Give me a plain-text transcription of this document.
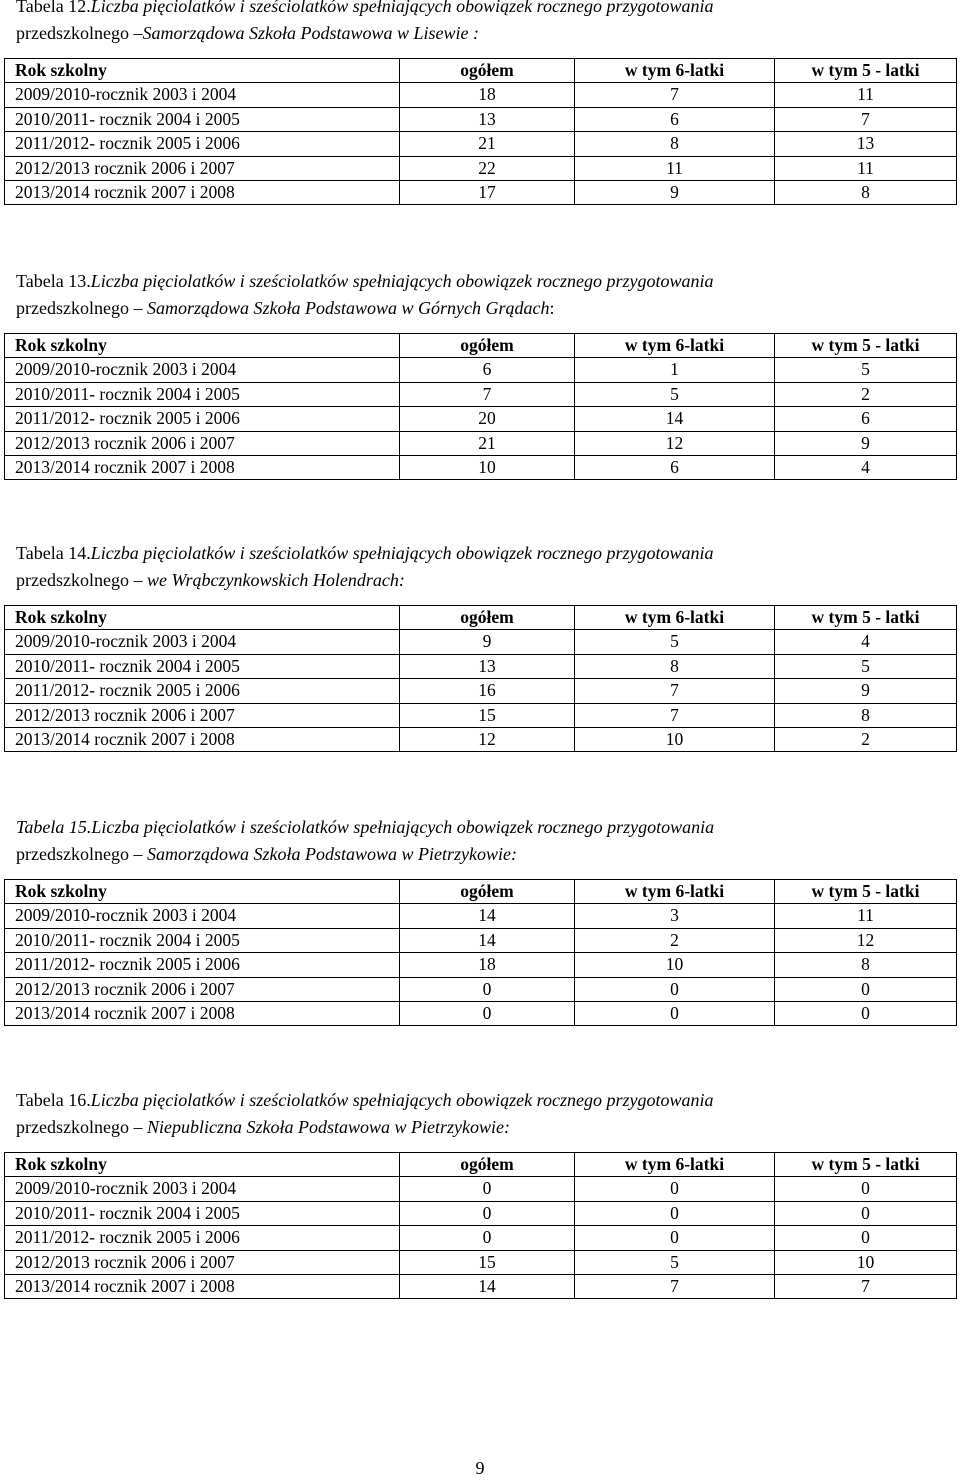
Tabela 12.Liczba pięciolatków i sześciolatków spełniających obowiązek rocznego przygotowania
przedszkolnego –Samorządowa Szkoła Podstawowa w Lisewie :

Rok szkolny	ogółem	w tym 6-latki	w tym 5 - latki
2009/2010-rocznik 2003 i 2004	18	7	11
2010/2011- rocznik 2004 i 2005	13	6	7
2011/2012- rocznik 2005 i 2006	21	8	13
2012/2013 rocznik 2006 i 2007	22	11	11
2013/2014 rocznik 2007 i 2008	17	9	8

Tabela 13.Liczba pięciolatków i sześciolatków spełniających obowiązek rocznego przygotowania
przedszkolnego – Samorządowa Szkoła Podstawowa w Górnych Grądach:

Rok szkolny	ogółem	w tym 6-latki	w tym 5 - latki
2009/2010-rocznik 2003 i 2004	6	1	5
2010/2011- rocznik 2004 i 2005	7	5	2
2011/2012- rocznik 2005 i 2006	20	14	6
2012/2013 rocznik 2006 i 2007	21	12	9
2013/2014 rocznik 2007 i 2008	10	6	4

Tabela 14.Liczba pięciolatków i sześciolatków spełniających obowiązek rocznego przygotowania
przedszkolnego – we Wrąbczynkowskich Holendrach:

Rok szkolny	ogółem	w tym 6-latki	w tym 5 - latki
2009/2010-rocznik 2003 i 2004	9	5	4
2010/2011- rocznik 2004 i 2005	13	8	5
2011/2012- rocznik 2005 i 2006	16	7	9
2012/2013 rocznik 2006 i 2007	15	7	8
2013/2014 rocznik 2007 i 2008	12	10	2

Tabela 15.Liczba pięciolatków i sześciolatków spełniających obowiązek rocznego przygotowania
przedszkolnego – Samorządowa Szkoła Podstawowa w Pietrzykowie:

Rok szkolny	ogółem	w tym 6-latki	w tym 5 - latki
2009/2010-rocznik 2003 i 2004	14	3	11
2010/2011- rocznik 2004 i 2005	14	2	12
2011/2012- rocznik 2005 i 2006	18	10	8
2012/2013 rocznik 2006 i 2007	0	0	0
2013/2014 rocznik 2007 i 2008	0	0	0

Tabela 16.Liczba pięciolatków i sześciolatków spełniających obowiązek rocznego przygotowania
przedszkolnego – Niepubliczna Szkoła Podstawowa w Pietrzykowie:

Rok szkolny	ogółem	w tym 6-latki	w tym 5 - latki
2009/2010-rocznik 2003 i 2004	0	0	0
2010/2011- rocznik 2004 i 2005	0	0	0
2011/2012- rocznik 2005 i 2006	0	0	0
2012/2013 rocznik 2006 i 2007	15	5	10
2013/2014 rocznik 2007 i 2008	14	7	7
9
